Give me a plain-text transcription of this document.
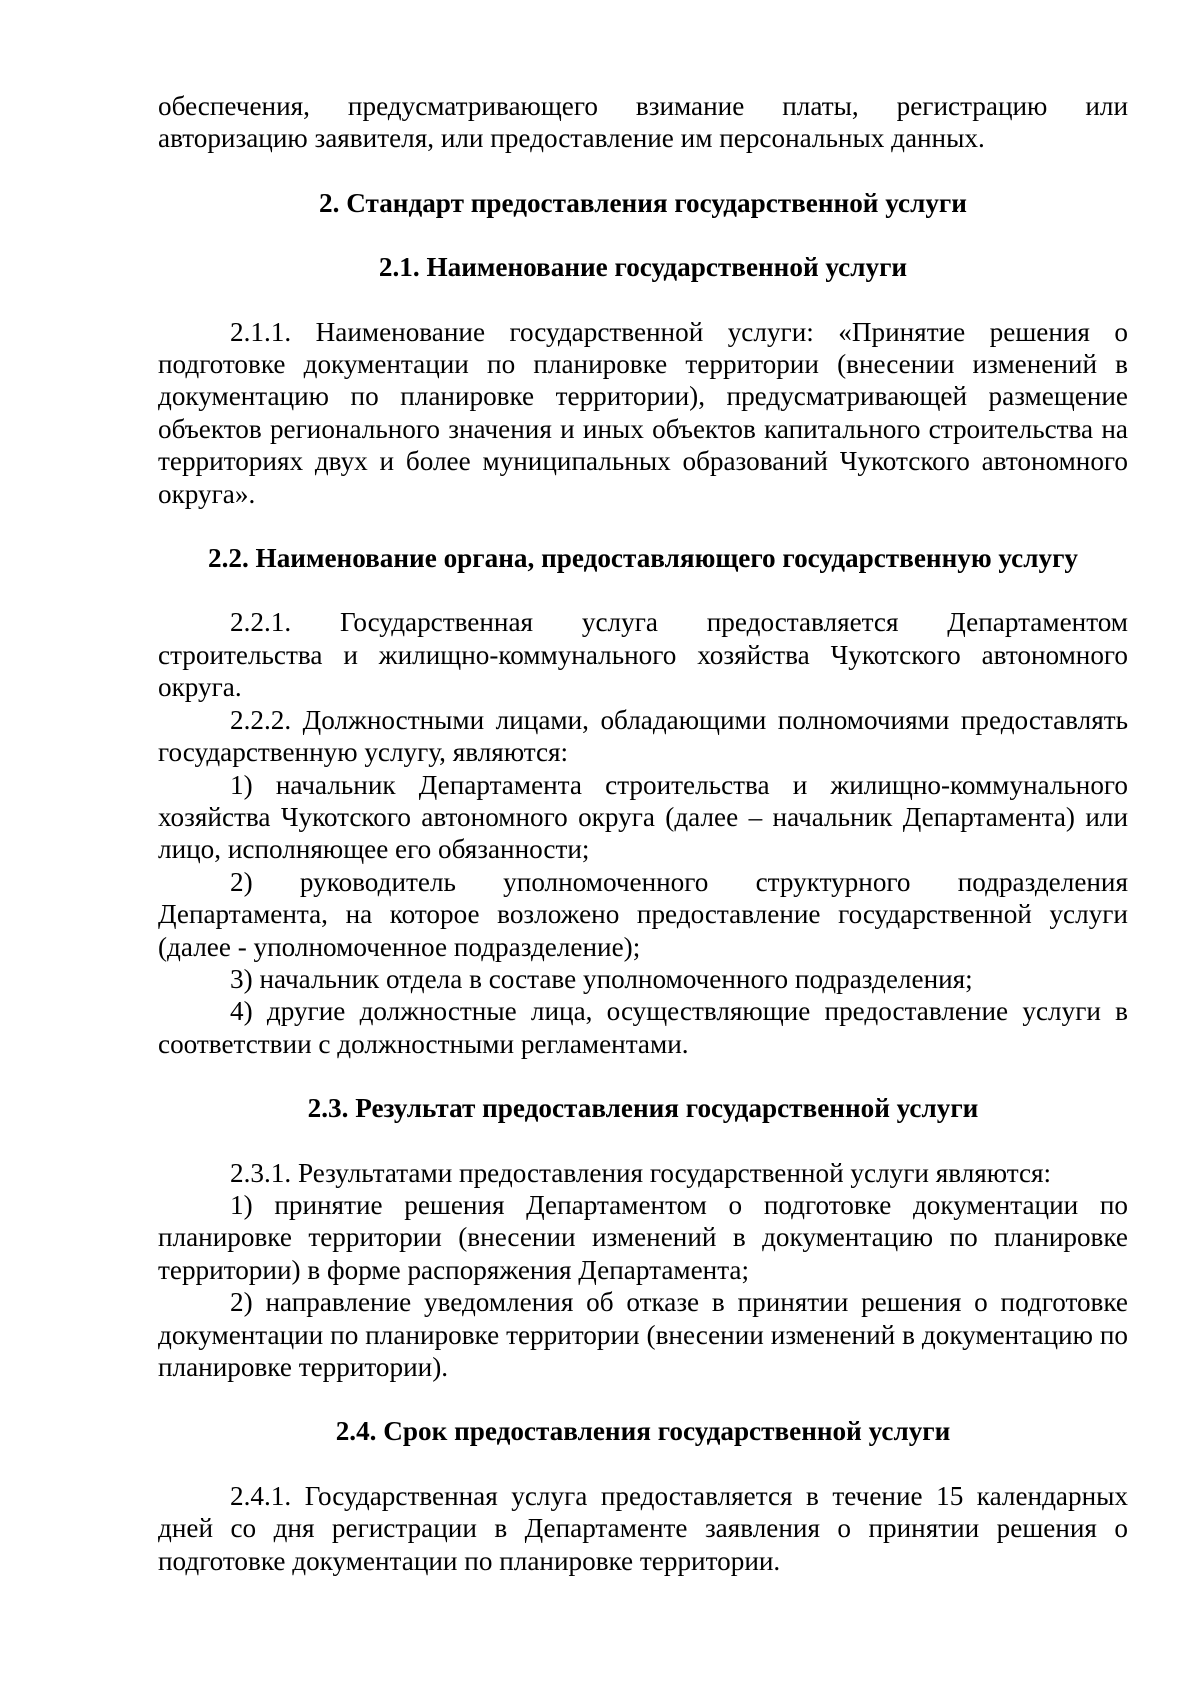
обеспечения, предусматривающего взимание платы, регистрацию или авторизацию заявителя, или предоставление им персональных данных.

2. Стандарт предоставления государственной услуги
2.1. Наименование государственной услуги

2.1.1. Наименование государственной услуги: «Принятие решения о подготовке документации по планировке территории (внесении изменений в документацию по планировке территории), предусматривающей размещение объектов регионального значения и иных объектов капитального строительства на территориях двух и более муниципальных образований Чукотского автономного округа».

2.2. Наименование органа, предоставляющего государственную услугу

2.2.1. Государственная услуга предоставляется Департаментом строительства и жилищно-коммунального хозяйства Чукотского автономного округа.

2.2.2. Должностными лицами, обладающими полномочиями предоставлять государственную услугу, являются:

1) начальник Департамента строительства и жилищно-коммунального хозяйства Чукотского автономного округа (далее – начальник Департамента) или лицо, исполняющее его обязанности;

2) руководитель уполномоченного структурного подразделения Департамента, на которое возложено предоставление государственной услуги (далее - уполномоченное подразделение);

3) начальник отдела в составе уполномоченного подразделения;

4) другие должностные лица, осуществляющие предоставление услуги в соответствии с должностными регламентами.

2.3. Результат предоставления государственной услуги

2.3.1. Результатами предоставления государственной услуги являются:

1) принятие решения Департаментом о подготовке документации по планировке территории (внесении изменений в документацию по планировке территории) в форме распоряжения Департамента;

2) направление уведомления об отказе в принятии решения о подготовке документации по планировке территории (внесении изменений в документацию по планировке территории).

2.4. Срок предоставления государственной услуги

2.4.1. Государственная услуга предоставляется в течение 15 календарных дней со дня регистрации в Департаменте заявления о принятии решения о подготовке документации по планировке территории.
